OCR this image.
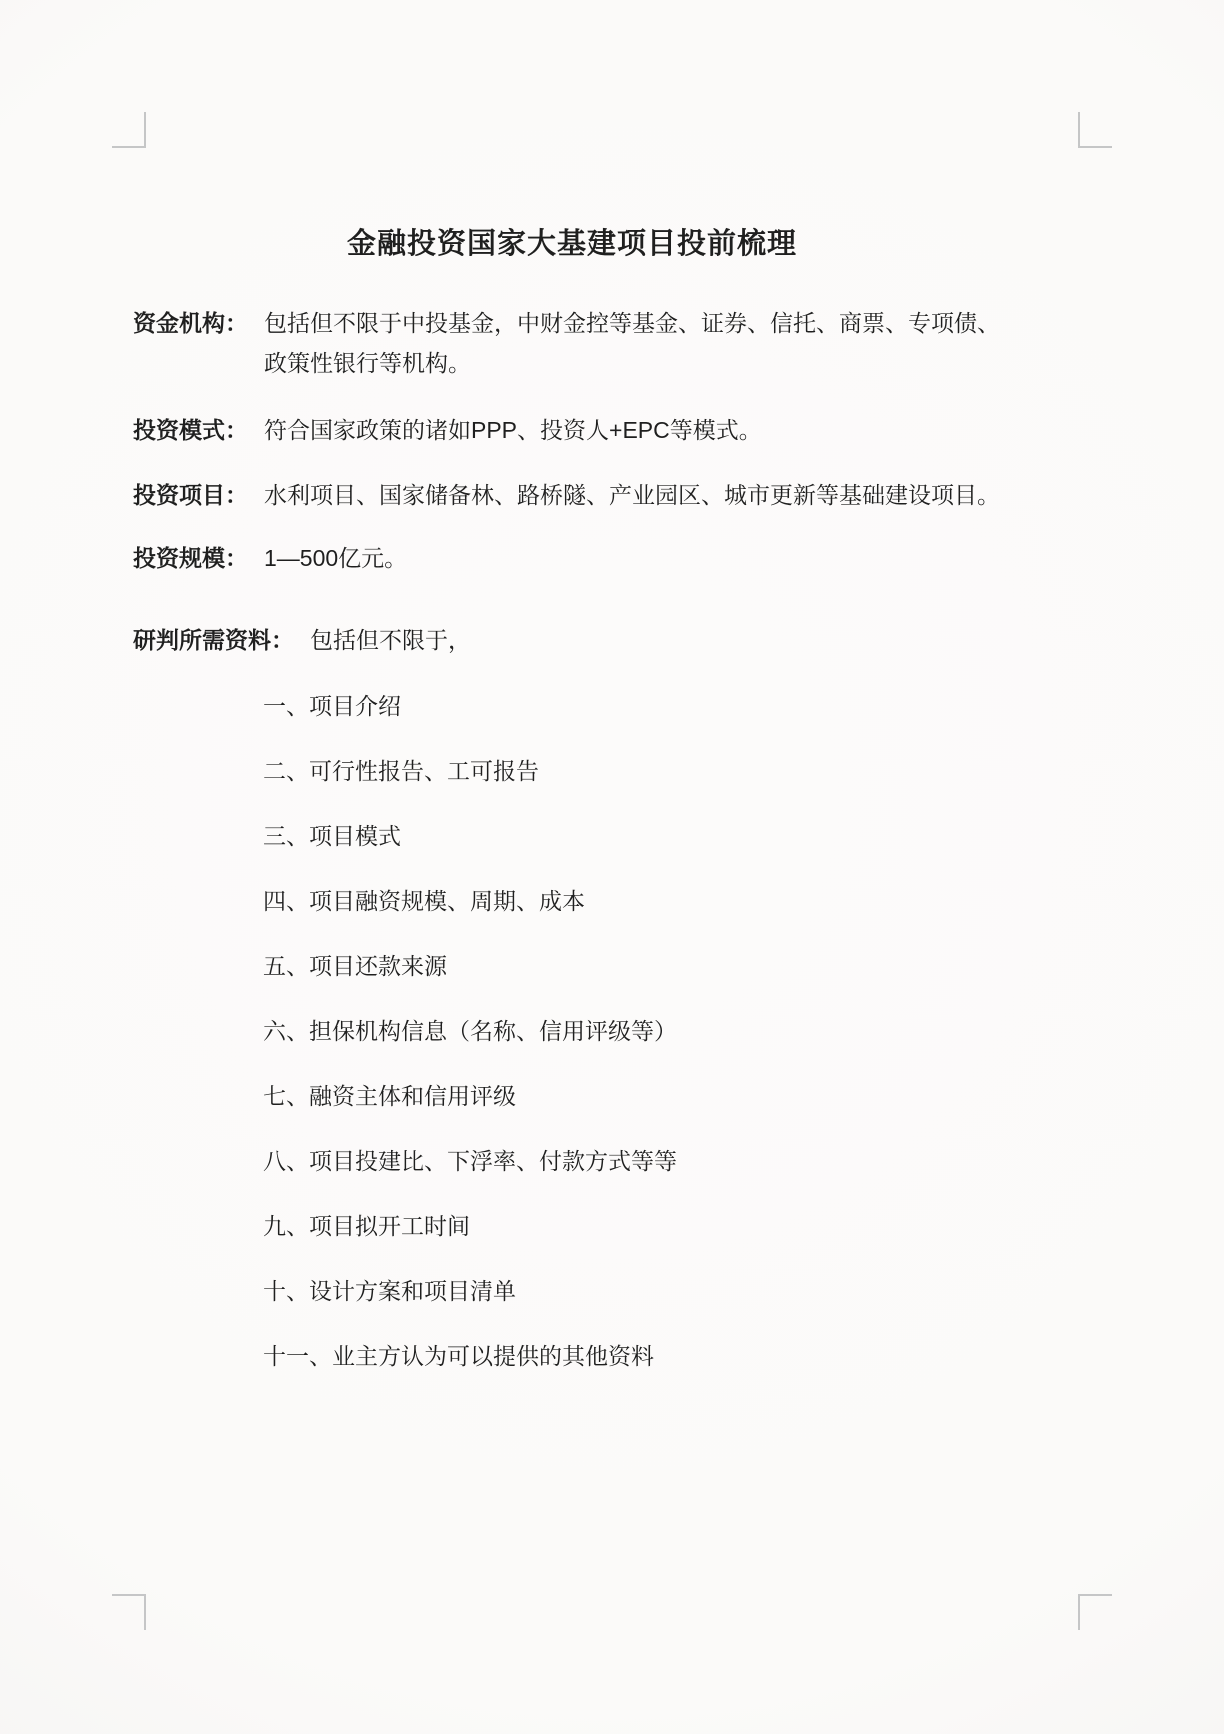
金融投资国家大基建项目投前梳理
资金机构： 包括但不限于中投基金，中财金控等基金、证券、信托、商票、专项债、
政策性银行等机构。
投资模式： 符合国家政策的诸如PPP、投资人+EPC等模式。
投资项目： 水利项目、国家储备林、路桥隧、产业园区、城市更新等基础建设项目。
投资规模： 1—500亿元。
研判所需资料： 包括但不限于，
一、项目介绍
二、可行性报告、工可报告
三、项目模式
四、项目融资规模、周期、成本
五、项目还款来源
六、担保机构信息（名称、信用评级等）
七、融资主体和信用评级
八、项目投建比、下浮率、付款方式等等
九、项目拟开工时间
十、设计方案和项目清单
十一、业主方认为可以提供的其他资料
